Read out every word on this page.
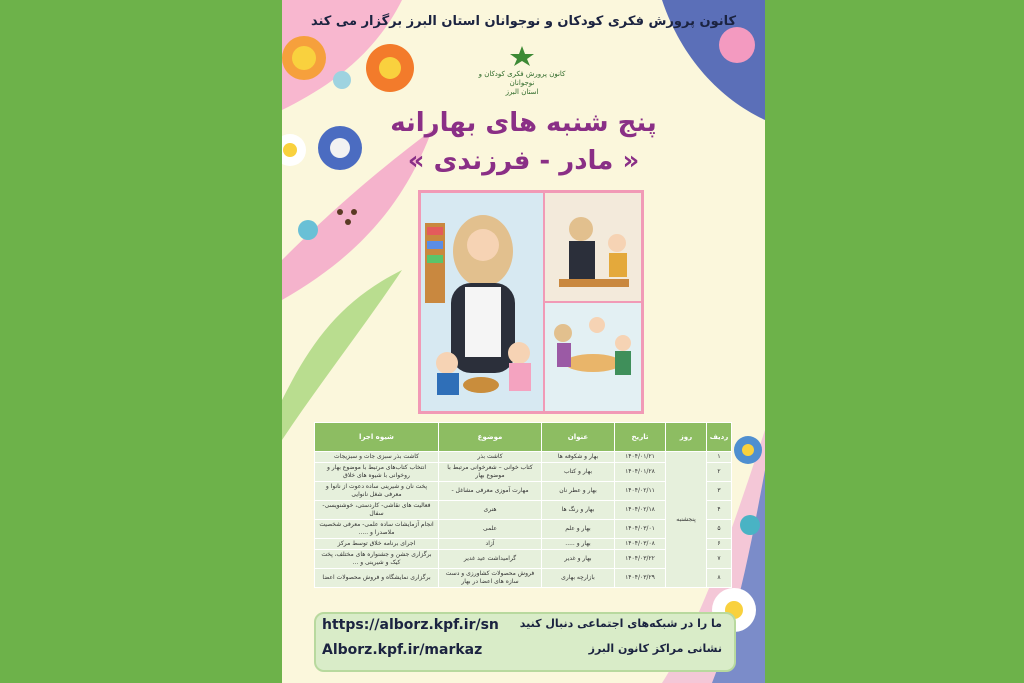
کانون پرورش فکری کودکان و نوجوانان استان البرز برگزار می کند
کانون پرورش فکری کودکان و نوجوانان
استان البرز
پنج شنبه های بهارانه
« مادر - فرزندی »
ردیف	روز	تاریخ	عنوان	موضوع	شیوه اجرا
۱	پنجشنبه	۱۴۰۴/۰۱/۲۱	بهار و شکوفه ها	کاشت بذر	کاشت بذر سبزی جات و سبزیجات
۲		۱۴۰۴/۰۱/۲۸	بهار و کتاب	کتاب خوانی – شعرخوانی مرتبط با موضوع بهار	انتخاب کتاب‌های مرتبط با موضوع بهار و روخوانی با شیوه های خلاق
۳		۱۴۰۴/۰۲/۱۱	بهار و عطر نان	مهارت آموزی معرفی مشاغل -	پخت نان و شیرینی ساده دعوت از نانوا و معرفی شغل نانوایی
۴		۱۴۰۴/۰۲/۱۸	بهار و رنگ ها	هنری	فعالیت های نقاشی- کاردستی، خوشنویسی- سفال
۵		۱۴۰۴/۰۳/۰۱	بهار و علم	علمی	انجام آزمایشات ساده علمی- معرفی شخصیت ملاصدرا و .....
۶		۱۴۰۴/۰۳/۰۸	بهار و .....	آزاد	اجرای برنامه خلاق توسط مرکز
۷		۱۴۰۴/۰۳/۲۲	بهار و غدیر	گرامیداشت عید غدیر	برگزاری جشن و جشنواره های مختلف، پخت کیک و شیرینی و ...
۸		۱۴۰۴/۰۳/۲۹	بازارچه بهاری	فروش محصولات کشاورزی و دست سازه های اعضا در بهار	برگزاری نمایشگاه و فروش محصولات اعضا
https://alborz.kpf.ir/sn ما را در شبکه‌های اجتماعی دنبال کنید
Alborz.kpf.ir/markaz	نشانی مراکز کانون البرز
